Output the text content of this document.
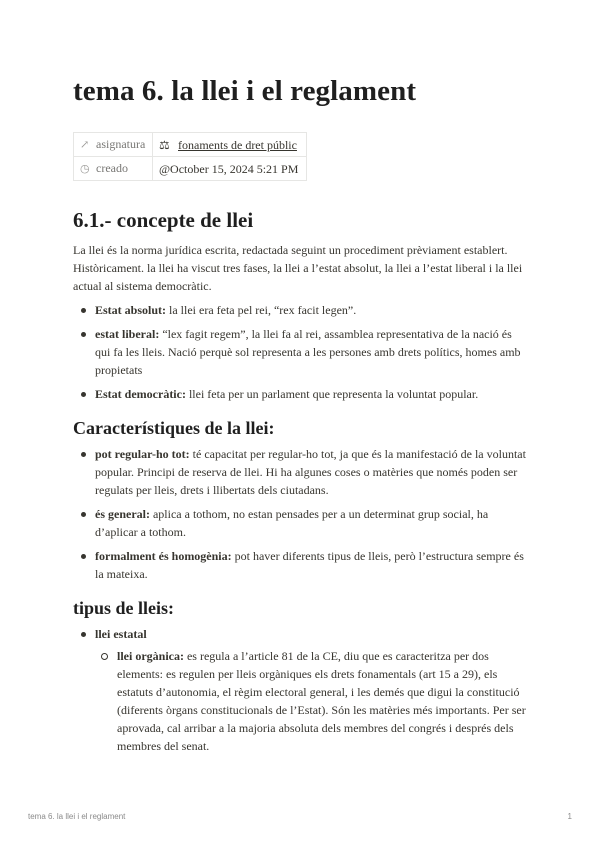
tema 6. la llei i el reglament
↗ asignatura	⚖ fonaments de dret públic
◷ creado	@October 15, 2024 5:21 PM
6.1.- concepte de llei

La llei és la norma jurídica escrita, redactada seguint un procediment prèviament establert. Històricament. la llei ha viscut tres fases, la llei a l’estat absolut, la llei a l’estat liberal i la llei actual al sistema democràtic.

Estat absolut: la llei era feta pel rei, “rex facit legen”.
estat liberal: “lex fagit regem”, la llei fa al rei, assamblea representativa de la nació és qui fa les lleis. Nació perquè sol representa a les persones amb drets polítics, homes amb propietats
Estat democràtic: llei feta per un parlament que representa la voluntat popular.
Característiques de la llei:
pot regular-ho tot: té capacitat per regular-ho tot, ja que és la manifestació de la voluntat popular. Principi de reserva de llei. Hi ha algunes coses o matèries que només poden ser regulats per lleis, drets i llibertats dels ciutadans.
és general: aplica a tothom, no estan pensades per a un determinat grup social, ha d’aplicar a tothom.
formalment és homogènia: pot haver diferents tipus de lleis, però l’estructura sempre és la mateixa.
tipus de lleis:
llei estatal
llei orgànica: es regula a l’article 81 de la CE, diu que es caracteritza per dos elements: es regulen per lleis orgàniques els drets fonamentals (art 15 a 29), els estatuts d’autonomia, el règim electoral general, i les demés que digui la constitució (diferents òrgans constitucionals de l’Estat). Són les matèries més importants. Per ser aprovada, cal arribar a la majoria absoluta dels membres del congrés i després dels membres del senat.
tema 6. la llei i el reglament	1
